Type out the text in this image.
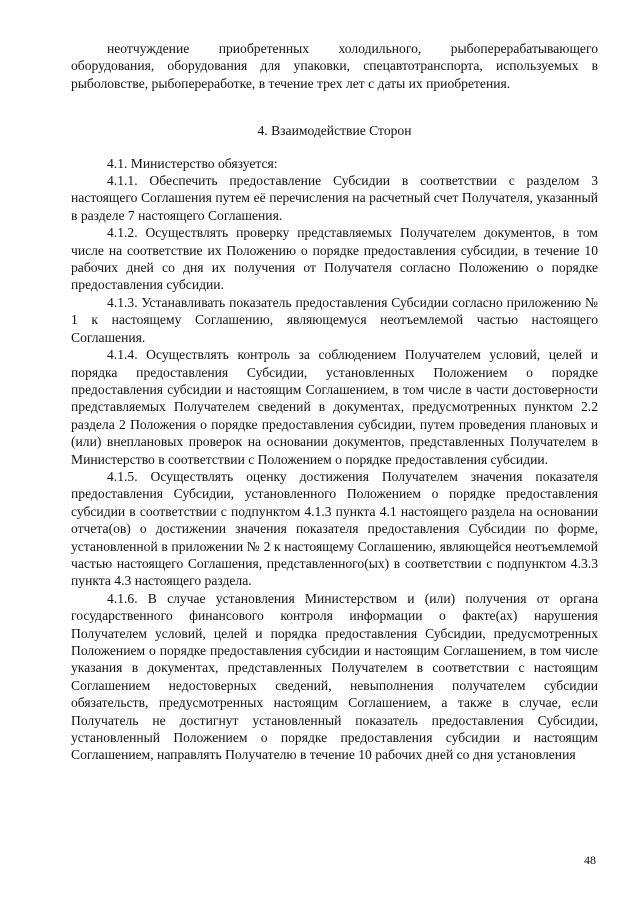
неотчуждение приобретенных холодильного, рыбоперерабатывающего оборудования, оборудования для упаковки, спецавтотранспорта, используемых в рыболовстве, рыбопереработке, в течение трех лет с даты их приобретения.

4. Взаимодействие Сторон

4.1. Министерство обязуется:

4.1.1. Обеспечить предоставление Субсидии в соответствии с разделом 3 настоящего Соглашения путем её перечисления на расчетный счет Получателя, указанный в разделе 7 настоящего Соглашения.

4.1.2. Осуществлять проверку представляемых Получателем документов, в том числе на соответствие их Положению о порядке предоставления субсидии, в течение 10 рабочих дней со дня их получения от Получателя согласно Положению о порядке предоставления субсидии.

4.1.3. Устанавливать показатель предоставления Субсидии согласно приложению № 1 к настоящему Соглашению, являющемуся неотъемлемой частью настоящего Соглашения.

4.1.4. Осуществлять контроль за соблюдением Получателем условий, целей и порядка предоставления Субсидии, установленных Положением о порядке предоставления субсидии и настоящим Соглашением, в том числе в части достоверности представляемых Получателем сведений в документах, предусмотренных пунктом 2.2 раздела 2 Положения о порядке предоставления субсидии, путем проведения плановых и (или) внеплановых проверок на основании документов, представленных Получателем в Министерство в соответствии с Положением о порядке предоставления субсидии.

4.1.5. Осуществлять оценку достижения Получателем значения показателя предоставления Субсидии, установленного Положением о порядке предоставления субсидии в соответствии с подпунктом 4.1.3 пункта 4.1 настоящего раздела на основании отчета(ов) о достижении значения показателя предоставления Субсидии по форме, установленной в приложении № 2 к настоящему Соглашению, являющейся неотъемлемой частью настоящего Соглашения, представленного(ых) в соответствии с подпунктом 4.3.3 пункта 4.3 настоящего раздела.

4.1.6. В случае установления Министерством и (или) получения от органа государственного финансового контроля информации о факте(ах) нарушения Получателем условий, целей и порядка предоставления Субсидии, предусмотренных Положением о порядке предоставления субсидии и настоящим Соглашением, в том числе указания в документах, представленных Получателем в соответствии с настоящим Соглашением недостоверных сведений, невыполнения получателем субсидии обязательств, предусмотренных настоящим Соглашением, а также в случае, если Получатель не достигнут установленный показатель предоставления Субсидии, установленный Положением о порядке предоставления субсидии и настоящим Соглашением, направлять Получателю в течение 10 рабочих дней со дня установления

48
